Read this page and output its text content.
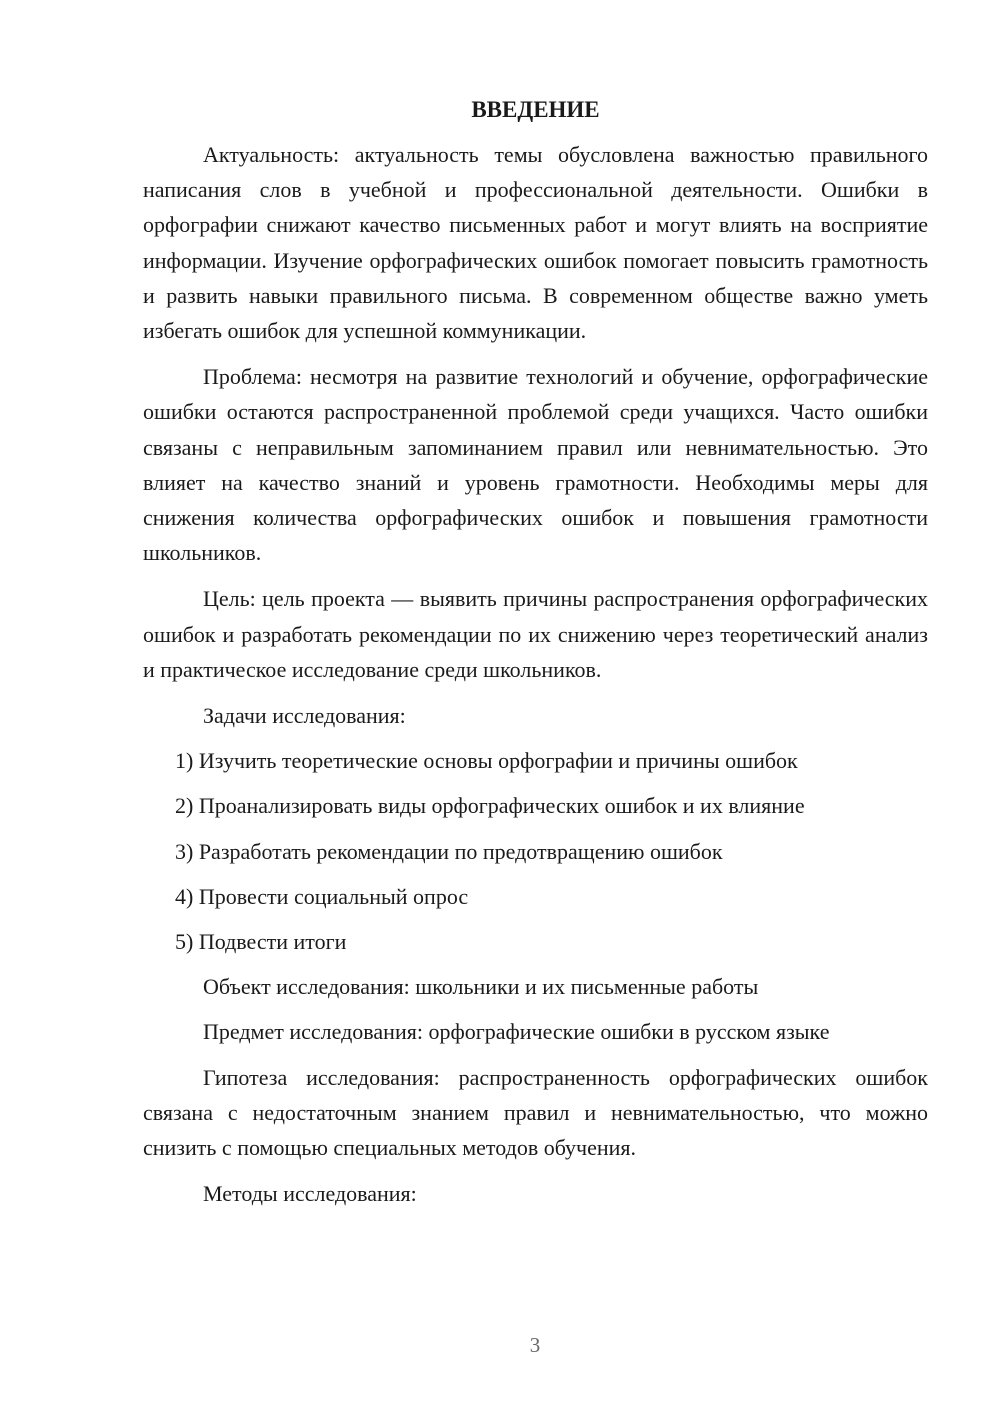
ВВЕДЕНИЕ

Актуальность: актуальность темы обусловлена важностью правильного написания слов в учебной и профессиональной деятельности. Ошибки в орфографии снижают качество письменных работ и могут влиять на восприятие информации. Изучение орфографических ошибок помогает повысить грамотность и развить навыки правильного письма. В современном обществе важно уметь избегать ошибок для успешной коммуникации.

Проблема: несмотря на развитие технологий и обучение, орфографические ошибки остаются распространенной проблемой среди учащихся. Часто ошибки связаны с неправильным запоминанием правил или невнимательностью. Это влияет на качество знаний и уровень грамотности. Необходимы меры для снижения количества орфографических ошибок и повышения грамотности школьников.

Цель: цель проекта — выявить причины распространения орфографических ошибок и разработать рекомендации по их снижению через теоретический анализ и практическое исследование среди школьников.

Задачи исследования:
1) Изучить теоретические основы орфографии и причины ошибок
2) Проанализировать виды орфографических ошибок и их влияние
3) Разработать рекомендации по предотвращению ошибок
4) Провести социальный опрос
5) Подвести итоги
Объект исследования: школьники и их письменные работы
Предмет исследования: орфографические ошибки в русском языке

Гипотеза исследования: распространенность орфографических ошибок связана с недостаточным знанием правил и невнимательностью, что можно снизить с помощью специальных методов обучения.

Методы исследования:
3
